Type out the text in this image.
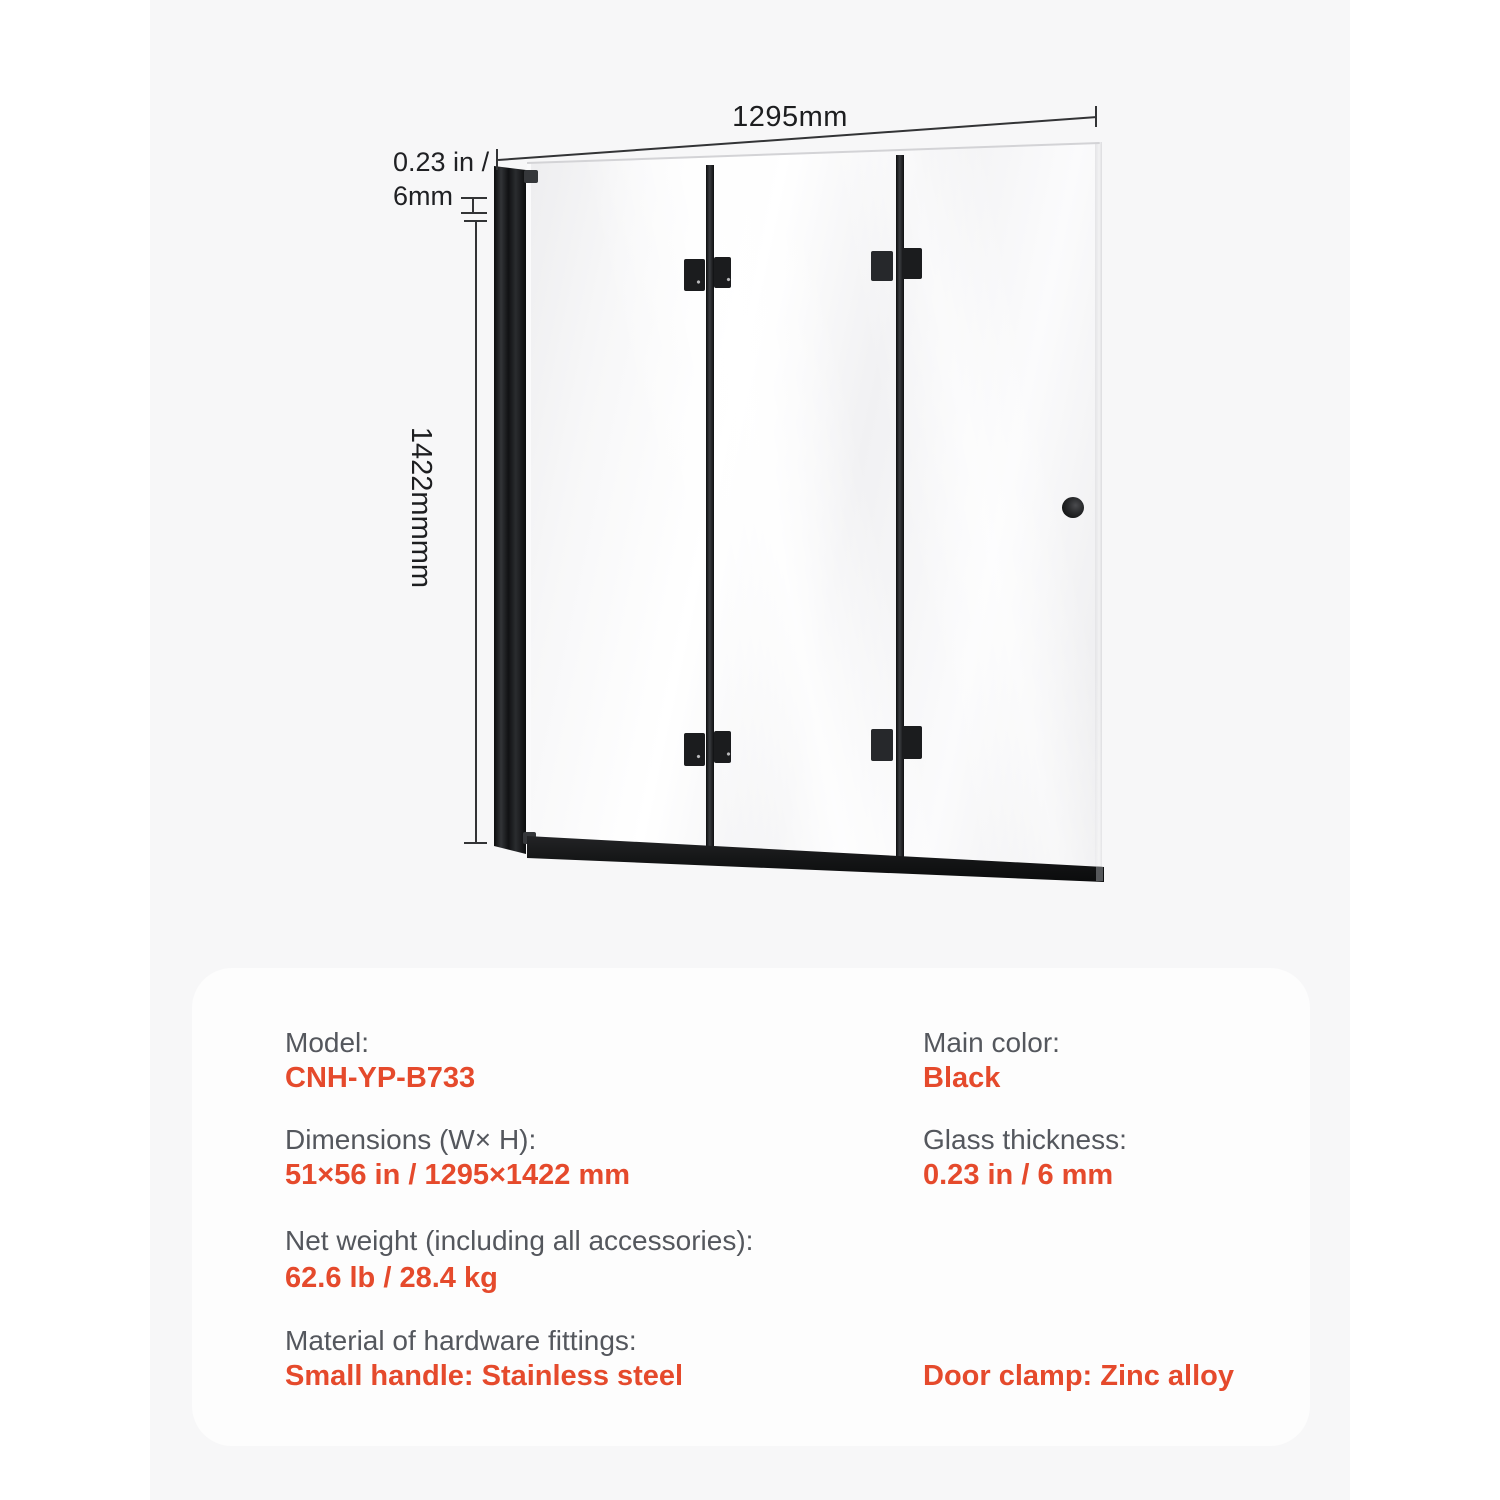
1295mm
0.23 in /
6mm
1422mmmm
Model:
CNH-YP-B733
Main color:
Black
Dimensions (W× H):
51×56 in / 1295×1422 mm
Glass thickness:
0.23 in / 6 mm
Net weight (including all accessories):
62.6 lb / 28.4 kg
Material of hardware fittings:
Small handle: Stainless steel	Door clamp: Zinc alloy
